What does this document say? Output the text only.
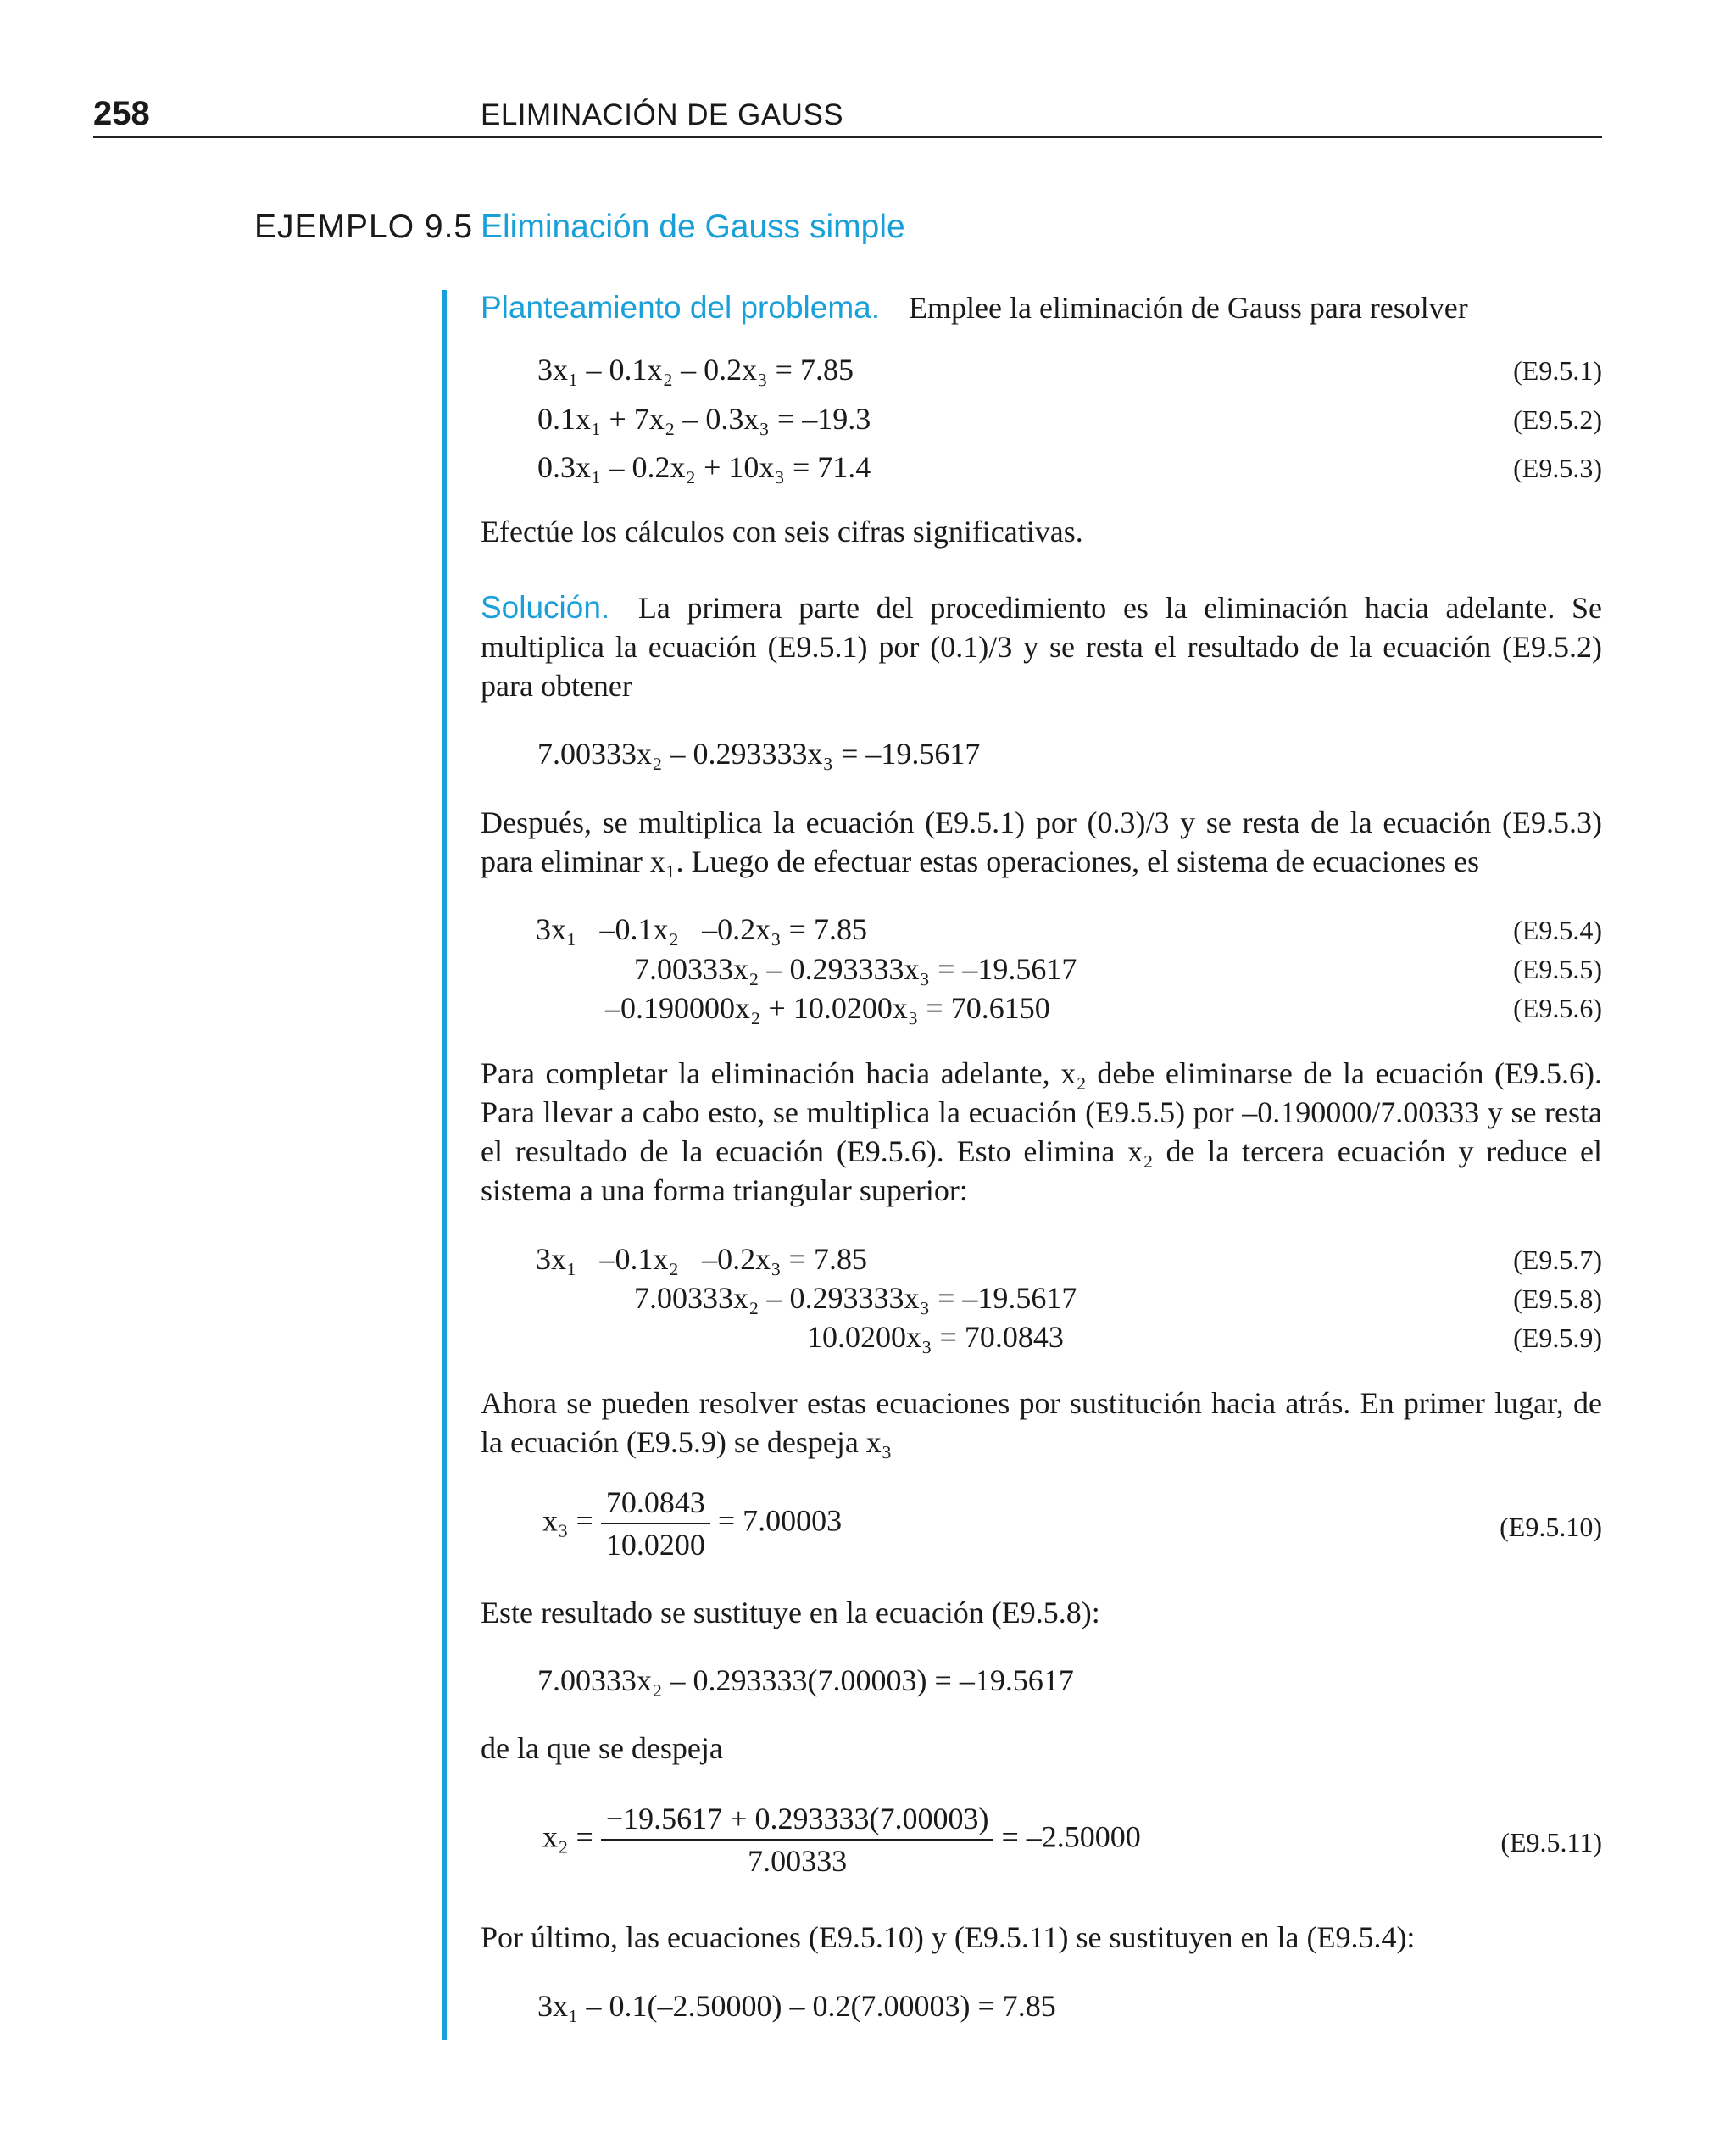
258	ELIMINACIÓN DE GAUSS
EJEMPLO 9.5 Eliminación de Gauss simple
Planteamiento del problema. Emplee la eliminación de Gauss para resolver
3x₁ – 0.1x₂ – 0.2x₃ = 7.85	(E9.5.1)
0.1x₁ + 7x₂ – 0.3x₃ = –19.3	(E9.5.2)
0.3x₁ – 0.2x₂ + 10x₃ = 71.4	(E9.5.3)
Efectúe los cálculos con seis cifras significativas.
Solución. La primera parte del procedimiento es la eliminación hacia adelante. Se multiplica la ecuación (E9.5.1) por (0.1)/3 y se resta el resultado de la ecuación (E9.5.2) para obtener
7.00333x₂ – 0.293333x₃ = –19.5617
Después, se multiplica la ecuación (E9.5.1) por (0.3)/3 y se resta de la ecuación (E9.5.3) para eliminar x₁. Luego de efectuar estas operaciones, el sistema de ecuaciones es
3x₁   –0.1x₂   –0.2x₃ = 7.85	(E9.5.4)
7.00333x₂ – 0.293333x₃ = –19.5617	(E9.5.5)
–0.190000x₂ + 10.0200x₃ = 70.6150	(E9.5.6)
Para completar la eliminación hacia adelante, x₂ debe eliminarse de la ecuación (E9.5.6). Para llevar a cabo esto, se multiplica la ecuación (E9.5.5) por –0.190000/7.00333 y se resta el resultado de la ecuación (E9.5.6). Esto elimina x₂ de la tercera ecuación y reduce el sistema a una forma triangular superior:
3x₁   –0.1x₂   –0.2x₃ = 7.85	(E9.5.7)
7.00333x₂ – 0.293333x₃ = –19.5617	(E9.5.8)
10.0200x₃ = 70.0843	(E9.5.9)
Ahora se pueden resolver estas ecuaciones por sustitución hacia atrás. En primer lugar, de la ecuación (E9.5.9) se despeja x₃
$x_3 = \frac{70.0843}{10.0200} = 7.00003$	(E9.5.10)
Este resultado se sustituye en la ecuación (E9.5.8):
7.00333x₂ – 0.293333(7.00003) = –19.5617
de la que se despeja
$x_2 = \frac{-19.5617 + 0.293333(7.00003)}{7.00333} = -2.50000$	(E9.5.11)
Por último, las ecuaciones (E9.5.10) y (E9.5.11) se sustituyen en la (E9.5.4):
3x₁ – 0.1(–2.50000) – 0.2(7.00003) = 7.85
